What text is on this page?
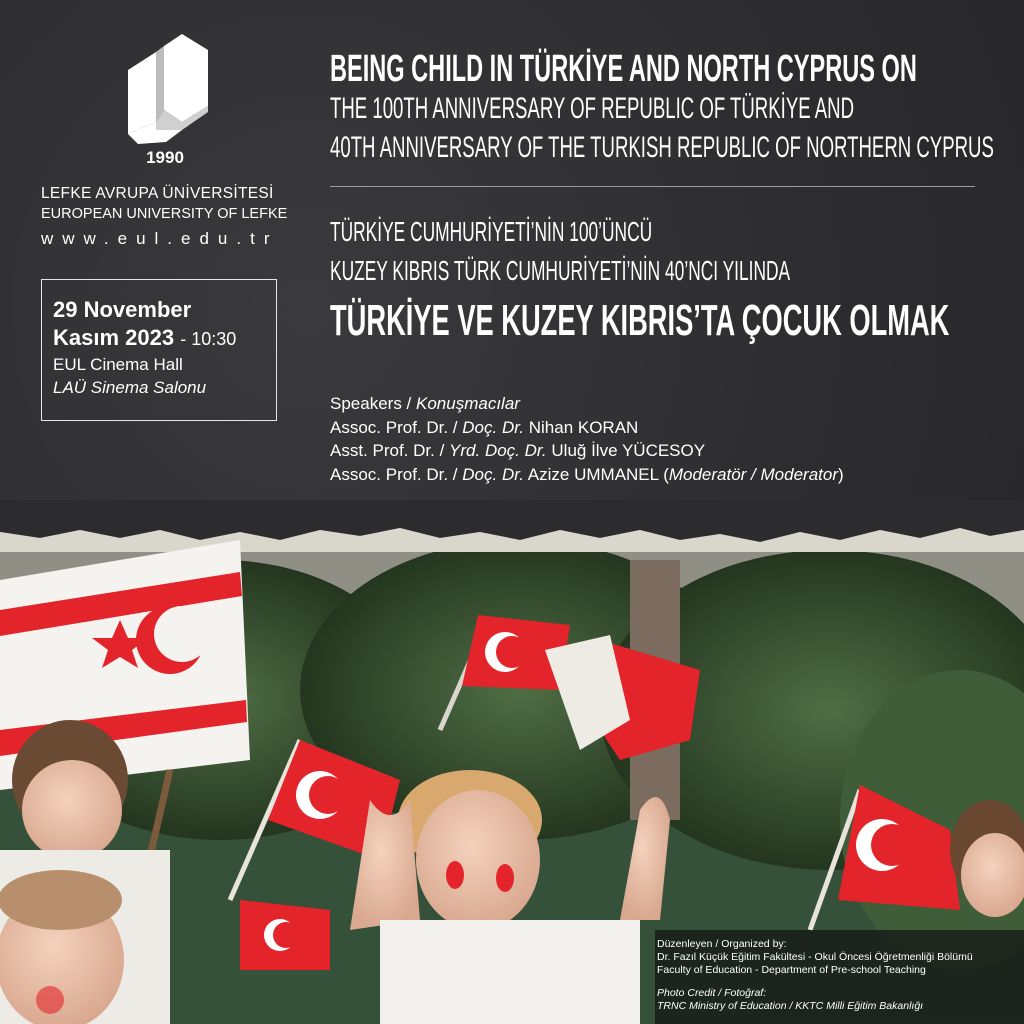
1990
LEFKE AVRUPA ÜNİVERSİTESİ
EUROPEAN UNIVERSITY OF LEFKE
www.eul.edu.tr
29 November
Kasım 2023 - 10:30
EUL Cinema Hall
LAÜ Sinema Salonu
BEING CHILD IN TÜRKİYE AND NORTH CYPRUS ON
THE 100TH ANNIVERSARY OF REPUBLIC OF TÜRKİYE AND
40TH ANNIVERSARY OF THE TURKISH REPUBLIC OF NORTHERN CYPRUS
TÜRKİYE CUMHURİYETİ’NİN 100’ÜNCÜ
KUZEY KIBRIS TÜRK CUMHURİYETİ’NİN 40’NCI YILINDA
TÜRKİYE VE KUZEY KIBRIS’TA ÇOCUK OLMAK
Speakers / Konuşmacılar
Assoc. Prof. Dr. / Doç. Dr. Nihan KORAN
Asst. Prof. Dr. / Yrd. Doç. Dr. Uluğ İlve YÜCESOY
Assoc. Prof. Dr. / Doç. Dr. Azize UMMANEL (Moderatör / Moderator)
Düzenleyen / Organized by:
Dr. Fazıl Küçük Eğitim Fakültesi - Okul Öncesi Öğretmenliği Bölümü
Faculty of Education - Department of Pre-school Teaching
Photo Credit / Fotoğraf:
TRNC Ministry of Education / KKTC Milli Eğitim Bakanlığı
